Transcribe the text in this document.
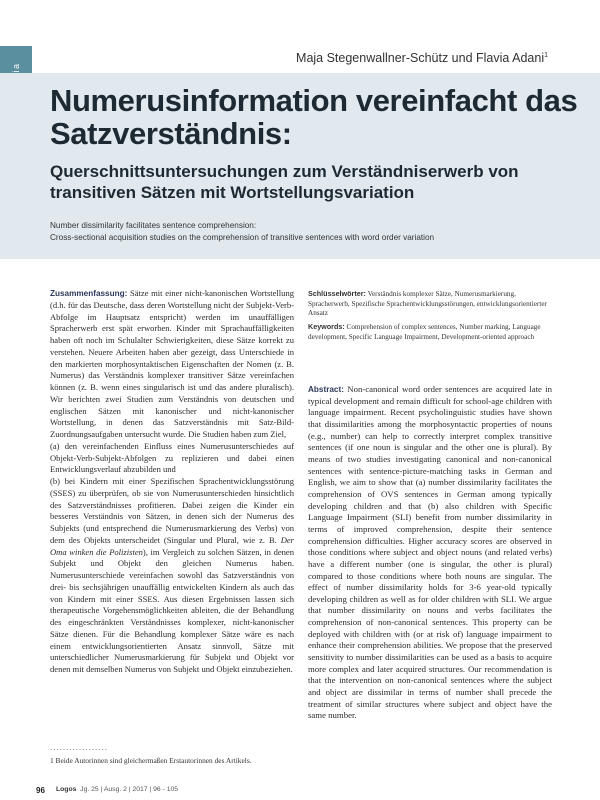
Maja Stegenwallner-Schütz und Flavia Adani$^1$
Numerusinformation vereinfacht das Satzverständnis:
Querschnittsuntersuchungen zum Verständniserwerb von transitiven Sätzen mit Wortstellungsvariation
Number dissimilarity facilitates sentence comprehension:
Cross-sectional acquisition studies on the comprehension of transitive sentences with word order variation

Zusammenfassung: Sätze mit einer nicht-kanonischen Wortstellung (d.h. für das Deutsche, dass deren Wortstellung nicht der Subjekt-Verb-Abfolge im Hauptsatz entspricht) werden im unauffälligen Spracherwerb erst spät erworben. Kinder mit Sprachauffälligkeiten haben oft noch im Schulalter Schwierigkeiten, diese Sätze korrekt zu verstehen. Neuere Arbeiten haben aber gezeigt, dass Unterschiede in den markierten morphosyntaktischen Eigenschaften der Nomen (z. B. Numerus) das Verständnis komplexer transitiver Sätze vereinfachen können (z. B. wenn eines singularisch ist und das andere pluralisch). Wir berichten zwei Studien zum Verständnis von deutschen und englischen Sätzen mit kanonischer und nicht-kanonischer Wortstellung, in denen das Satzverständnis mit Satz-Bild-Zuordnungsaufgaben untersucht wurde. Die Studien haben zum Ziel,

(a) den vereinfachenden Einfluss eines Numerusunterschiedes auf Objekt-Verb-Subjekt-Abfolgen zu replizieren und dabei einen Entwicklungsverlauf abzubilden und

(b) bei Kindern mit einer Spezifischen Sprachentwicklungsstörung (SSES) zu überprüfen, ob sie von Numerusunterschieden hinsichtlich des Satzverständnisses profitieren. Dabei zeigen die Kinder ein besseres Verständnis von Sätzen, in denen sich der Numerus des Subjekts (und entsprechend die Numerusmarkierung des Verbs) von dem des Objekts unterscheidet (Singular und Plural, wie z. B. Der Oma winken die Polizisten), im Vergleich zu solchen Sätzen, in denen Subjekt und Objekt den gleichen Numerus haben. Numerusunterschiede vereinfachen sowohl das Satzverständnis von drei- bis sechsjährigen unauffällig entwickelten Kindern als auch das von Kindern mit einer SSES. Aus diesen Ergebnissen lassen sich therapeutische Vorgehensmöglichkeiten ableiten, die der Behandlung des eingeschränkten Verständnisses komplexer, nicht-kanonischer Sätze dienen. Für die Behandlung komplexer Sätze wäre es nach einem entwicklungsorientierten Ansatz sinnvoll, Sätze mit unterschiedlicher Numerusmarkierung für Subjekt und Objekt vor denen mit demselben Numerus von Subjekt und Objekt einzubeziehen.

Schlüsselwörter: Verständnis komplexer Sätze, Numerusmarkierung, Spracherwerb, Spezifische Sprachentwicklungsstörungen, entwicklungsorientierter Ansatz
Keywords: Comprehension of complex sentences, Number marking, Language development, Specific Language Impairment, Development-oriented approach

Abstract: Non-canonical word order sentences are acquired late in typical development and remain difficult for school-age children with language impairment. Recent psycholinguistic studies have shown that dissimilarities among the morphosyntactic properties of nouns (e.g., number) can help to correctly interpret complex transitive sentences (if one noun is singular and the other one is plural). By means of two studies investigating canonical and non-canonical sentences with sentence-picture-matching tasks in German and English, we aim to show that (a) number dissimilarity facilitates the comprehension of OVS sentences in German among typically developing children and that (b) also children with Specific Language Impairment (SLI) benefit from number dissimilarity in terms of improved comprehension, despite their sentence comprehension difficulties. Higher accuracy scores are observed in those conditions where subject and object nouns (and related verbs) have a different number (one is singular, the other is plural) compared to those conditions where both nouns are singular. The effect of number dissimilarity holds for 3-6 year-old typically developing children as well as for older children with SLI. We argue that number dissimilarity on nouns and verbs facilitates the comprehension of non-canonical sentences. This property can be deployed with children with (or at risk of) language impairment to enhance their comprehension abilities. We propose that the preserved sensitivity to number dissimilarities can be used as a basis to acquire more complex and later acquired structures. Our recommendation is that the intervention on non-canonical sentences where the subject and object are dissimilar in terms of number shall precede the treatment of similar structures where subject and object have the same number.

..................
1 Beide Autorinnen sind gleichermaßen Erstautorinnen des Artikels.
96 Logos Jg. 25 | Ausg. 2 | 2017 | 96 - 105
